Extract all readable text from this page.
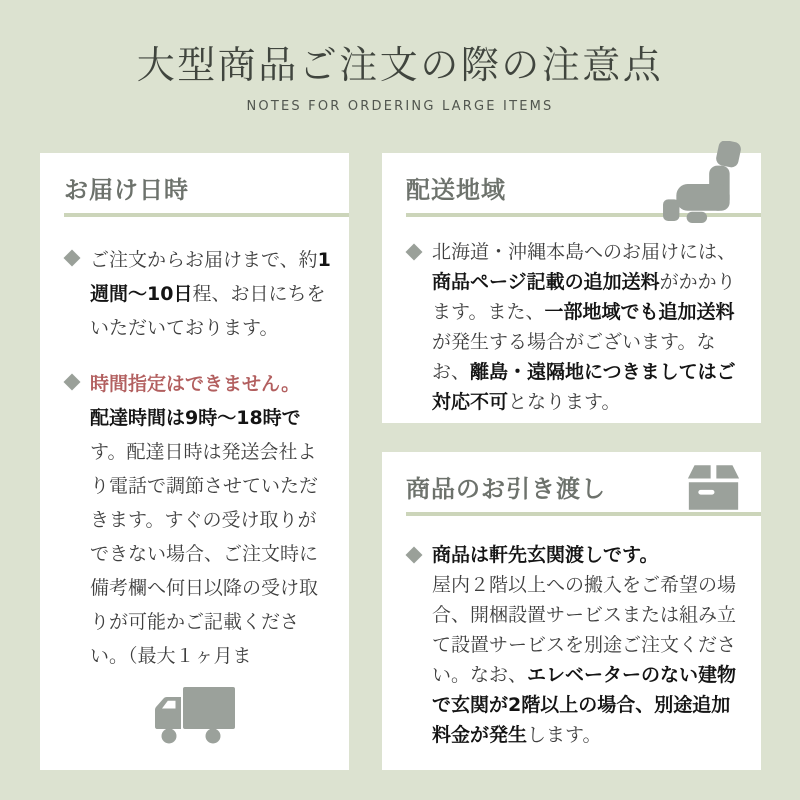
大型商品ご注文の際の注意点
NOTES FOR ORDERING LARGE ITEMS
お届け日時

ご注文からお届けまで、約1週間〜10日程、お日にちをいただいております。

時間指定はできません。
配達時間は9時〜18時です。配達日時は発送会社より電話で調節させていただきます。すぐの受け取りができない場合、ご注文時に備考欄へ何日以降の受け取りが可能かご記載ください。（最大１ヶ月ま

配送地域

北海道・沖縄本島へのお届けには、商品ページ記載の追加送料がかかります。また、一部地域でも追加送料が発生する場合がございます。なお、離島・遠隔地につきましてはご対応不可となります。

商品のお引き渡し

商品は軒先玄関渡しです。
屋内２階以上への搬入をご希望の場合、開梱設置サービスまたは組み立て設置サービスを別途ご注文ください。なお、エレベーターのない建物で玄関が2階以上の場合、別途追加料金が発生します。
